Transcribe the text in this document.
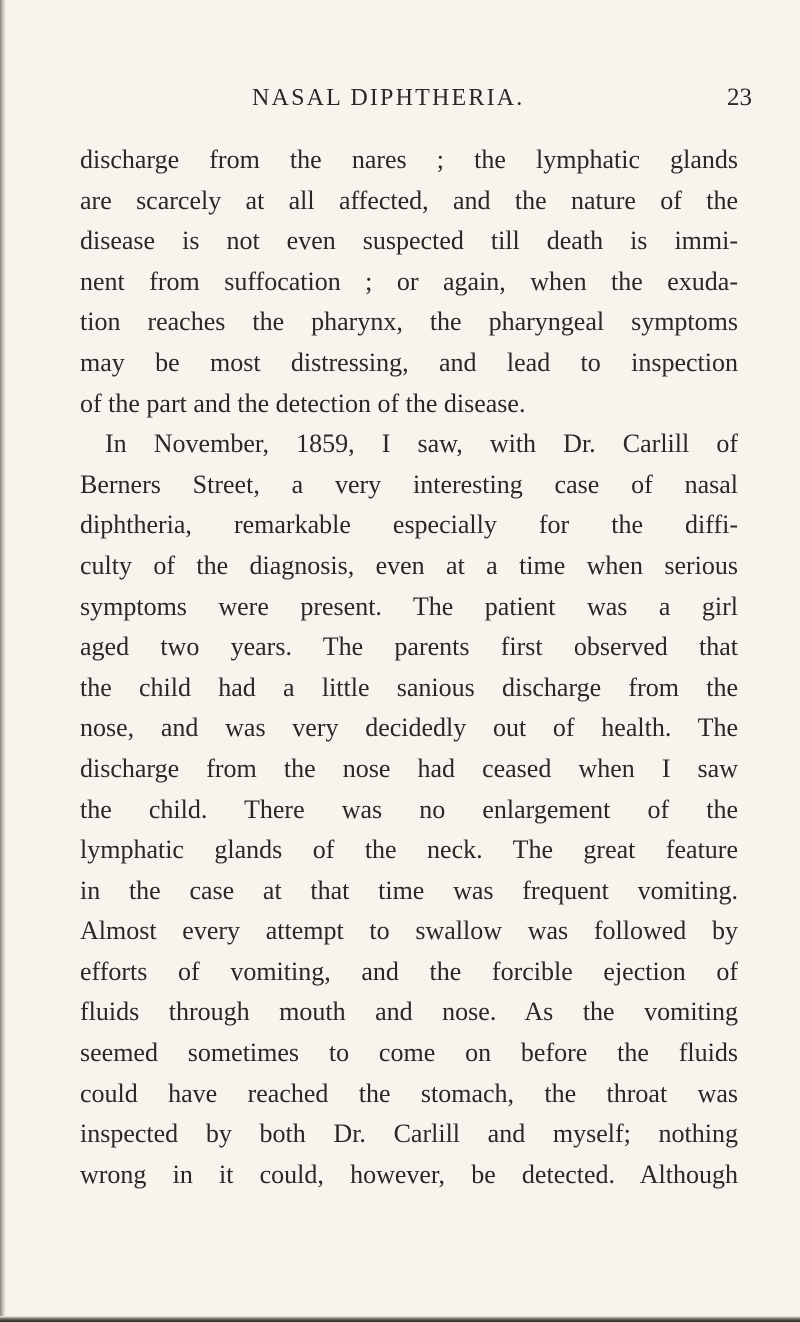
NASAL DIPHTHERIA.	23
discharge from the nares ; the lymphatic glands
are scarcely at all affected, and the nature of the
disease is not even suspected till death is immi-
nent from suffocation ; or again, when the exuda-
tion reaches the pharynx, the pharyngeal symptoms
may be most distressing, and lead to inspection
of the part and the detection of the disease.
In November, 1859, I saw, with Dr. Carlill of
Berners Street, a very interesting case of nasal
diphtheria, remarkable especially for the diffi-
culty of the diagnosis, even at a time when serious
symptoms were present. The patient was a girl
aged two years. The parents first observed that
the child had a little sanious discharge from the
nose, and was very decidedly out of health. The
discharge from the nose had ceased when I saw
the child. There was no enlargement of the
lymphatic glands of the neck. The great feature
in the case at that time was frequent vomiting.
Almost every attempt to swallow was followed by
efforts of vomiting, and the forcible ejection of
fluids through mouth and nose. As the vomiting
seemed sometimes to come on before the fluids
could have reached the stomach, the throat was
inspected by both Dr. Carlill and myself; nothing
wrong in it could, however, be detected. Although
